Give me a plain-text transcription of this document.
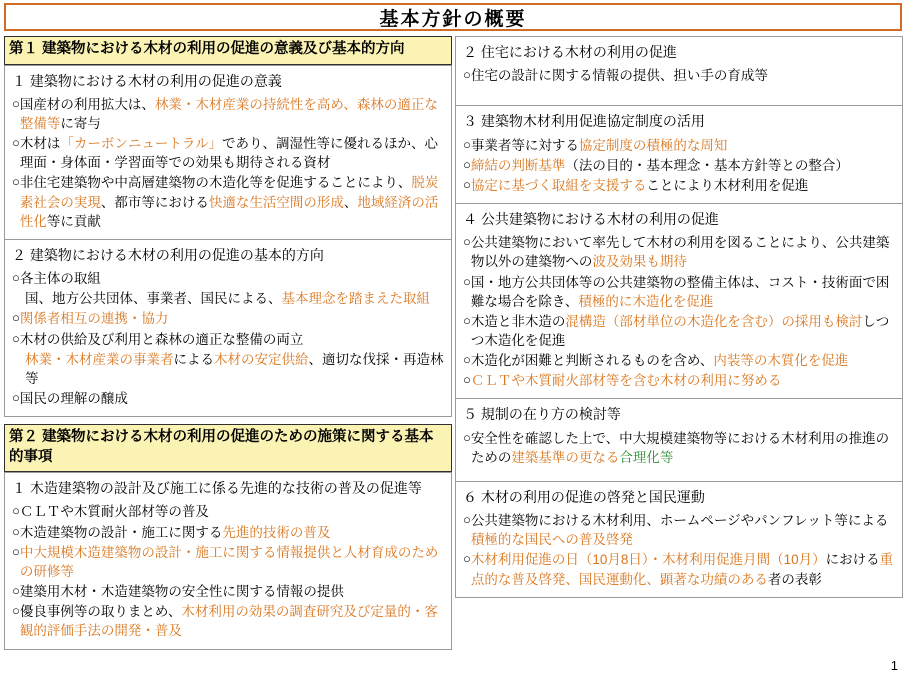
基本方針の概要
第１ 建築物における木材の利用の促進の意義及び基本的方向
１ 建築物における木材の利用の促進の意義
○ 国産材の利用拡大は、林業・木材産業の持続性を高め、森林の適正な整備等に寄与
○ 木材は「カーボンニュートラル」であり、調湿性等に優れるほか、心理面・身体面・学習面等での効果も期待される資材
○ 非住宅建築物や中高層建築物の木造化等を促進することにより、脱炭素社会の実現、都市等における快適な生活空間の形成、地域経済の活性化等に貢献
２ 建築物における木材の利用の促進の基本的方向
○ 各主体の取組
国、地方公共団体、事業者、国民による、基本理念を踏まえた取組
○ 関係者相互の連携・協力
○ 木材の供給及び利用と森林の適正な整備の両立
林業・木材産業の事業者による木材の安定供給、適切な伐採・再造林等
○ 国民の理解の醸成
第２ 建築物における木材の利用の促進のための施策に関する基本的事項
１ 木造建築物の設計及び施工に係る先進的な技術の普及の促進等
○ ＣＬＴや木質耐火部材等の普及
○ 木造建築物の設計・施工に関する先進的技術の普及
○ 中大規模木造建築物の設計・施工に関する情報提供と人材育成のための研修等
○ 建築用木材・木造建築物の安全性に関する情報の提供
○ 優良事例等の取りまとめ、木材利用の効果の調査研究及び定量的・客観的評価手法の開発・普及
２ 住宅における木材の利用の促進
○ 住宅の設計に関する情報の提供、担い手の育成等
３ 建築物木材利用促進協定制度の活用
○ 事業者等に対する協定制度の積極的な周知
○ 締結の判断基準（法の目的・基本理念・基本方針等との整合）
○ 協定に基づく取組を支援することにより木材利用を促進
４ 公共建築物における木材の利用の促進
○ 公共建築物において率先して木材の利用を図ることにより、公共建築物以外の建築物への波及効果も期待
○ 国・地方公共団体等の公共建築物の整備主体は、コスト・技術面で困難な場合を除き、積極的に木造化を促進
○ 木造と非木造の混構造（部材単位の木造化を含む）の採用も検討しつつ木造化を促進
○ 木造化が困難と判断されるものを含め、内装等の木質化を促進
○ ＣＬＴや木質耐火部材等を含む木材の利用に努める
５ 規制の在り方の検討等
○ 安全性を確認した上で、中大規模建築物等における木材利用の推進のための建築基準の更なる合理化等
６ 木材の利用の促進の啓発と国民運動
○ 公共建築物における木材利用、ホームページやパンフレット等による積極的な国民への普及啓発
○ 木材利用促進の日（10月8日）・木材利用促進月間（10月）における重点的な普及啓発、国民運動化、顕著な功績のある者の表彰
1
